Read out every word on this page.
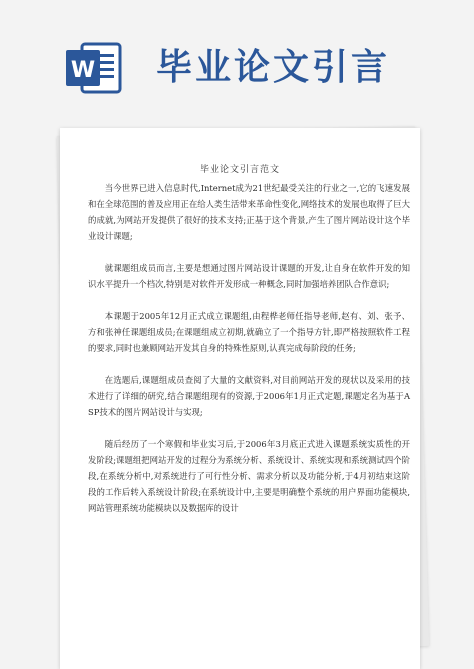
W 毕业论文引言
毕业论文引言范文

当今世界已进入信息时代,Internet成为21世纪最受关注的行业之一,它的飞速发展和在全球范围的普及应用正在给人类生活带来革命性变化,网络技术的发展也取得了巨大的成就,为网站开发提供了很好的技术支持;正基于这个背景,产生了图片网站设计这个毕业设计课题;

就课题组成员而言,主要是想通过图片网站设计课题的开发,让自身在软件开发的知识水平提升一个档次,特别是对软件开发形成一种概念,同时加强培养团队合作意识;

本课题于2005年12月正式成立课题组,由程桦老师任指导老师,赵有、刘、张予、方和张神任课题组成员;在课题组成立初期,就确立了一个指导方针,即严格按照软件工程的要求,同时也兼顾网站开发其自身的特殊性原则,认真完成每阶段的任务;

在选题后,课题组成员查阅了大量的文献资料,对目前网站开发的现状以及采用的技术进行了详细的研究,结合课题组现有的资源,于2006年1月正式定题,课题定名为基于ASP技术的图片网站设计与实现;

随后经历了一个寒假和毕业实习后,于2006年3月底正式进入课题系统实质性的开发阶段;课题组把网站开发的过程分为系统分析、系统设计、系统实现和系统测试四个阶段,在系统分析中,对系统进行了可行性分析、需求分析以及功能分析,于4月初结束这阶段的工作后转入系统设计阶段;在系统设计中,主要是明确整个系统的用户界面功能模块, 网站管理系统功能模块以及数据库的设计
